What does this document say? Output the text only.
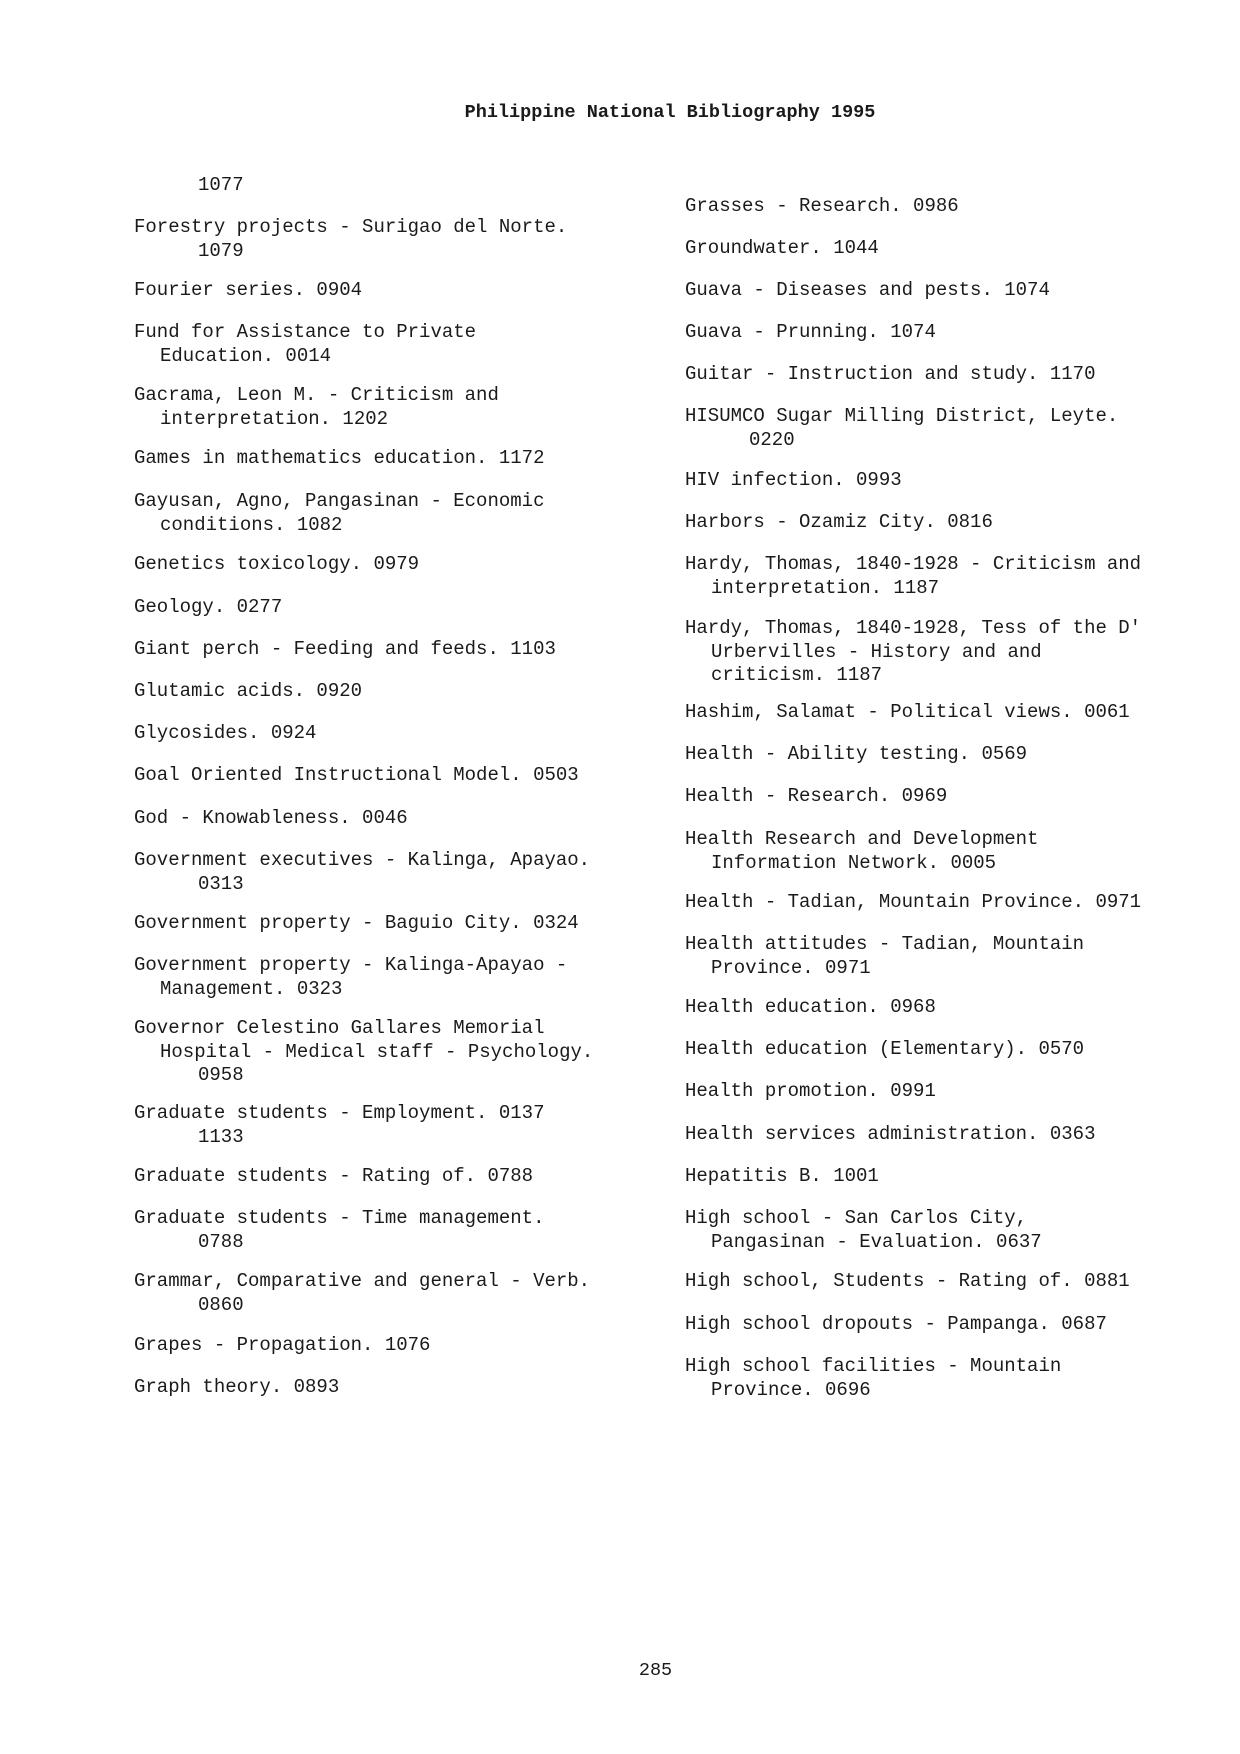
Philippine National Bibliography 1995
1077
Forestry projects - Surigao del Norte.
1079
Fourier series. 0904
Fund for Assistance to Private
Education. 0014
Gacrama, Leon M. - Criticism and
interpretation. 1202
Games in mathematics education. 1172
Gayusan, Agno, Pangasinan - Economic
conditions. 1082
Genetics toxicology. 0979
Geology. 0277
Giant perch - Feeding and feeds. 1103
Glutamic acids. 0920
Glycosides. 0924
Goal Oriented Instructional Model. 0503
God - Knowableness. 0046
Government executives - Kalinga, Apayao.
0313
Government property - Baguio City. 0324
Government property - Kalinga-Apayao -
Management. 0323
Governor Celestino Gallares Memorial
Hospital - Medical staff - Psychology.
0958
Graduate students - Employment. 0137
1133
Graduate students - Rating of. 0788
Graduate students - Time management.
0788
Grammar, Comparative and general - Verb.
0860
Grapes - Propagation. 1076
Graph theory. 0893
Grasses - Research. 0986
Groundwater. 1044
Guava - Diseases and pests. 1074
Guava - Prunning. 1074
Guitar - Instruction and study. 1170
HISUMCO Sugar Milling District, Leyte.
0220
HIV infection. 0993
Harbors - Ozamiz City. 0816
Hardy, Thomas, 1840-1928 - Criticism and
interpretation. 1187
Hardy, Thomas, 1840-1928, Tess of the D'
Urbervilles - History and and
criticism. 1187
Hashim, Salamat - Political views. 0061
Health - Ability testing. 0569
Health - Research. 0969
Health Research and Development
Information Network. 0005
Health - Tadian, Mountain Province. 0971
Health attitudes - Tadian, Mountain
Province. 0971
Health education. 0968
Health education (Elementary). 0570
Health promotion. 0991
Health services administration. 0363
Hepatitis B. 1001
High school - San Carlos City,
Pangasinan - Evaluation. 0637
High school, Students - Rating of. 0881
High school dropouts - Pampanga. 0687
High school facilities - Mountain
Province. 0696
285
